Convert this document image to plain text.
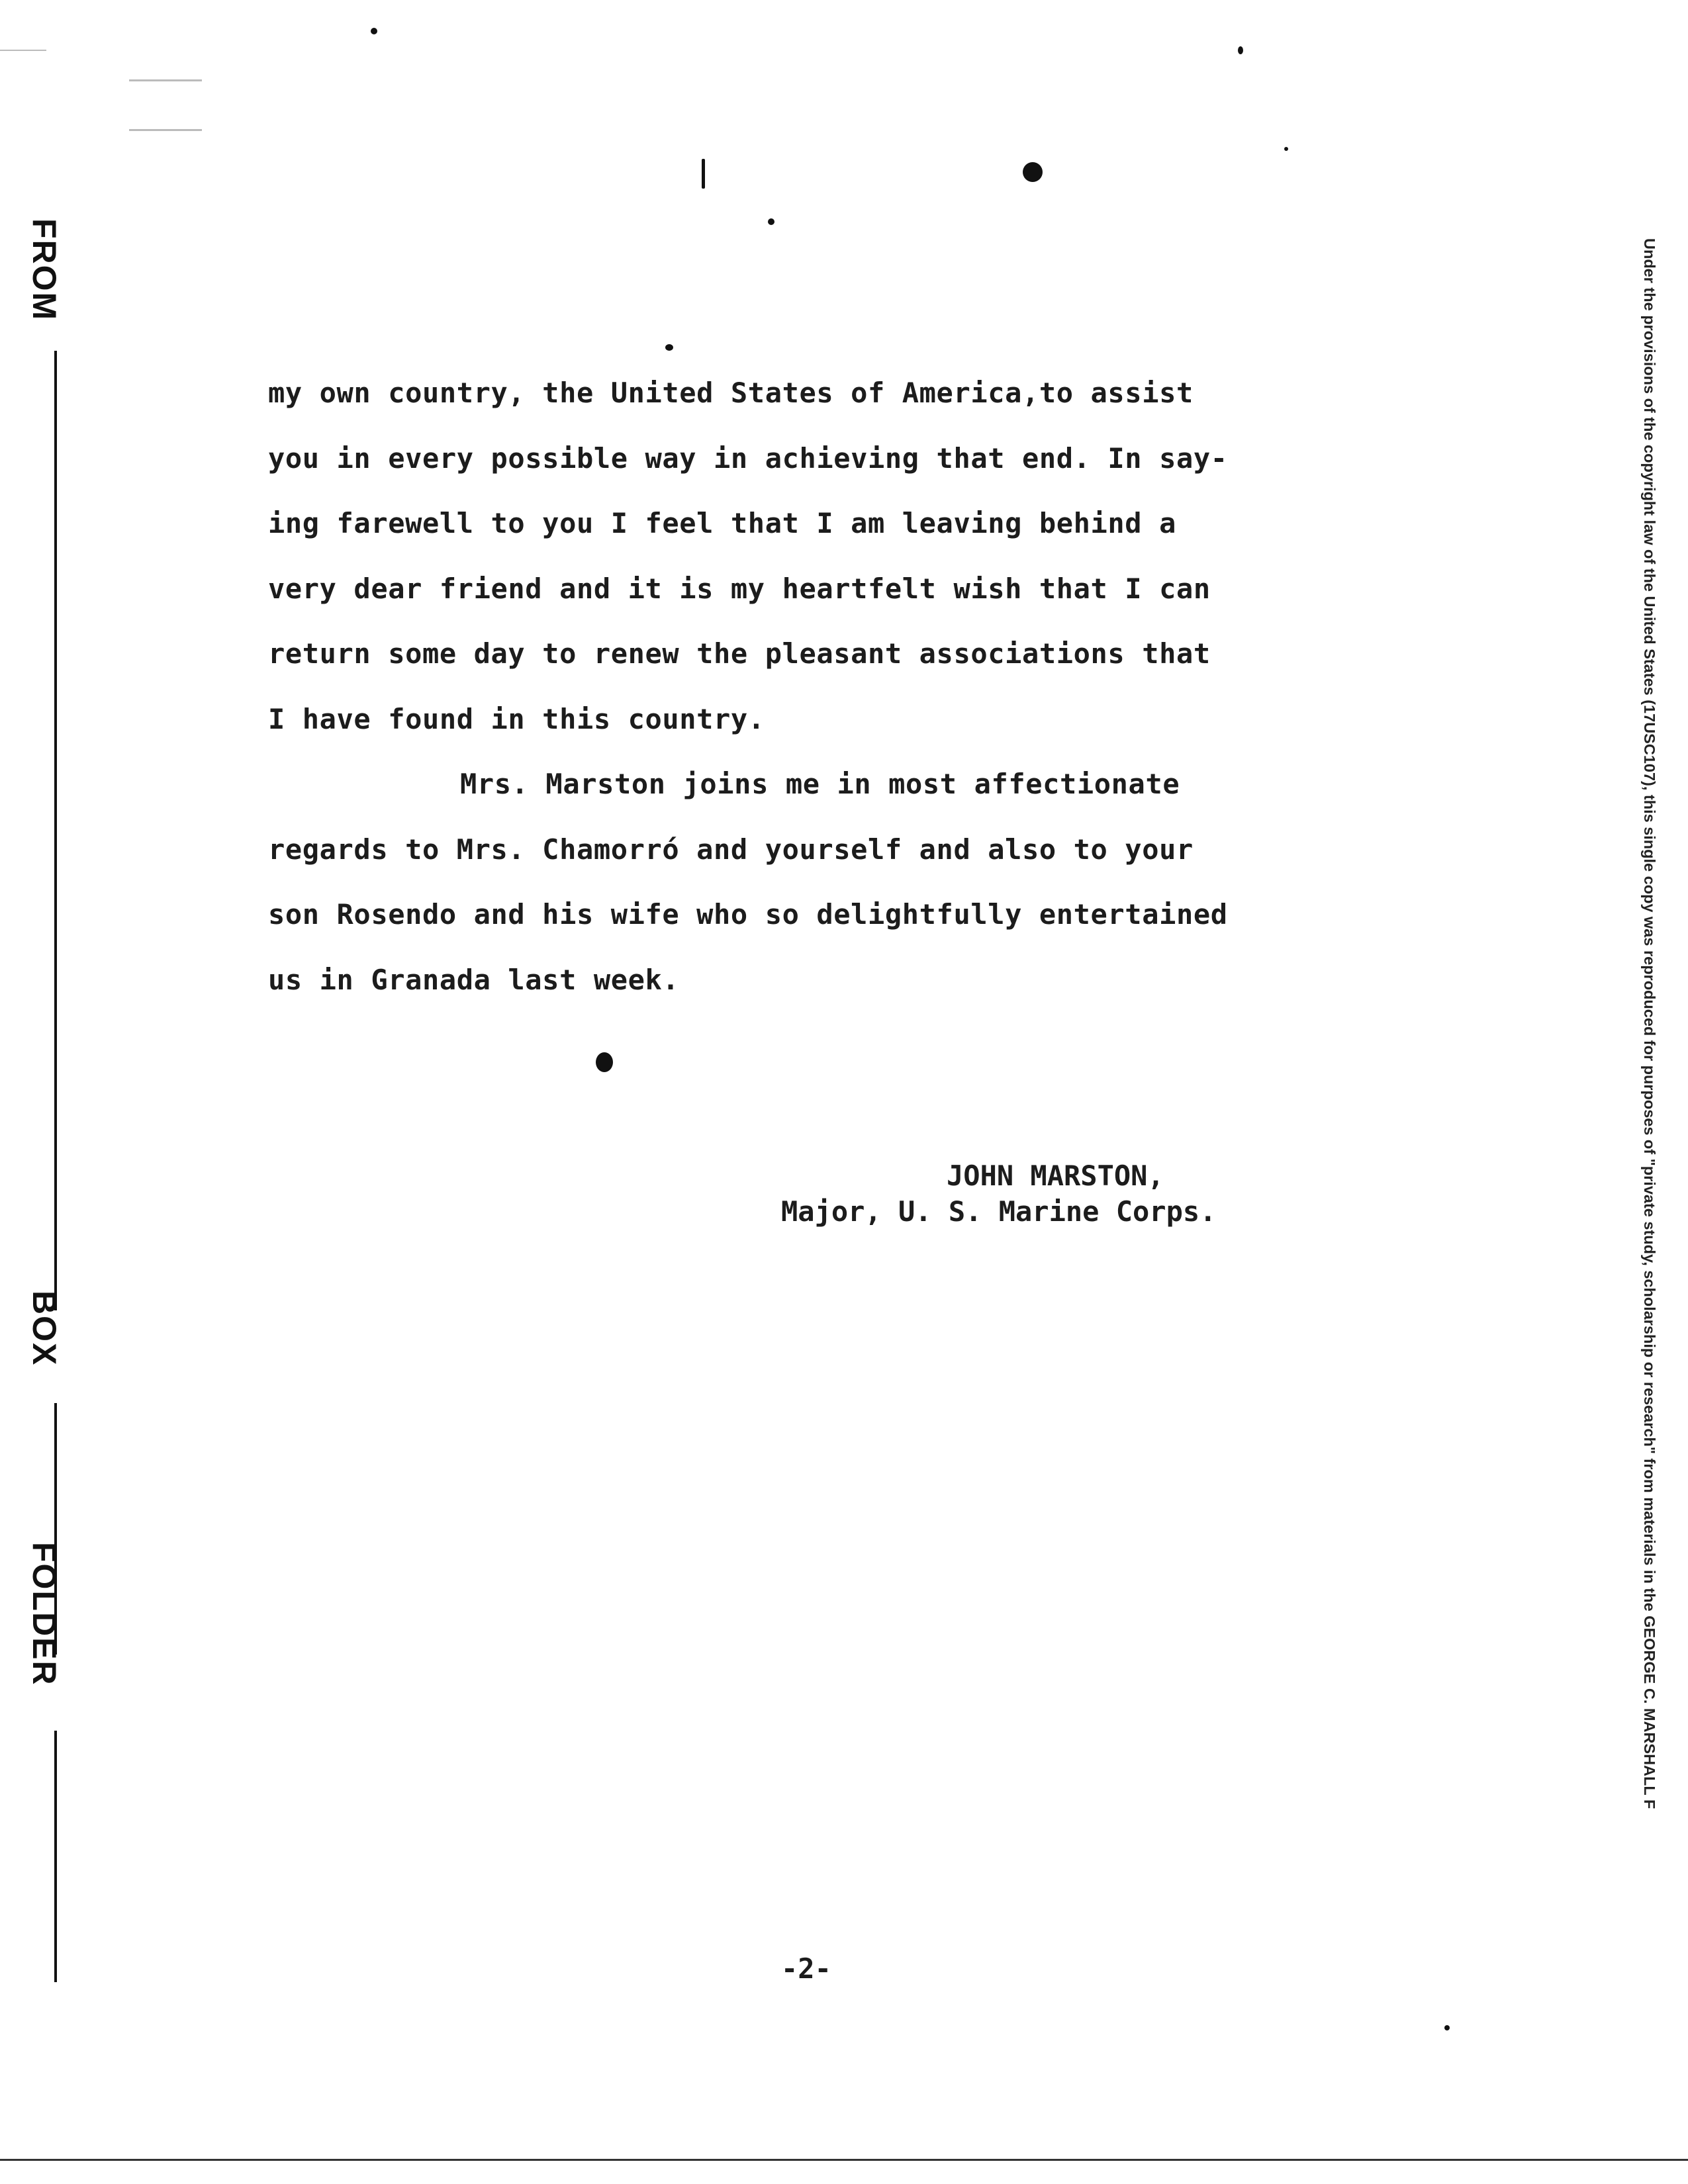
FROM
BOX
FOLDER	Under the provisions of the copyright law of the United States (17USC107), this single copy was reproduced for purposes of "private study, scholarship or research" from materials in the GEORGE C. MARSHALL F
my own country, the United States of America,to assist
you in every possible way in achieving that end. In say-
ing farewell to you I feel that I am leaving behind a
very dear friend and it is my heartfelt wish that I can
return some day to renew the pleasant associations that
I have found in this country.
Mrs. Marston joins me in most affectionate
regards to Mrs. Chamorró and yourself and also to your
son Rosendo and his wife who so delightfully entertained
us in Granada last week.
JOHN MARSTON,
Major, U. S. Marine Corps.
-2-
